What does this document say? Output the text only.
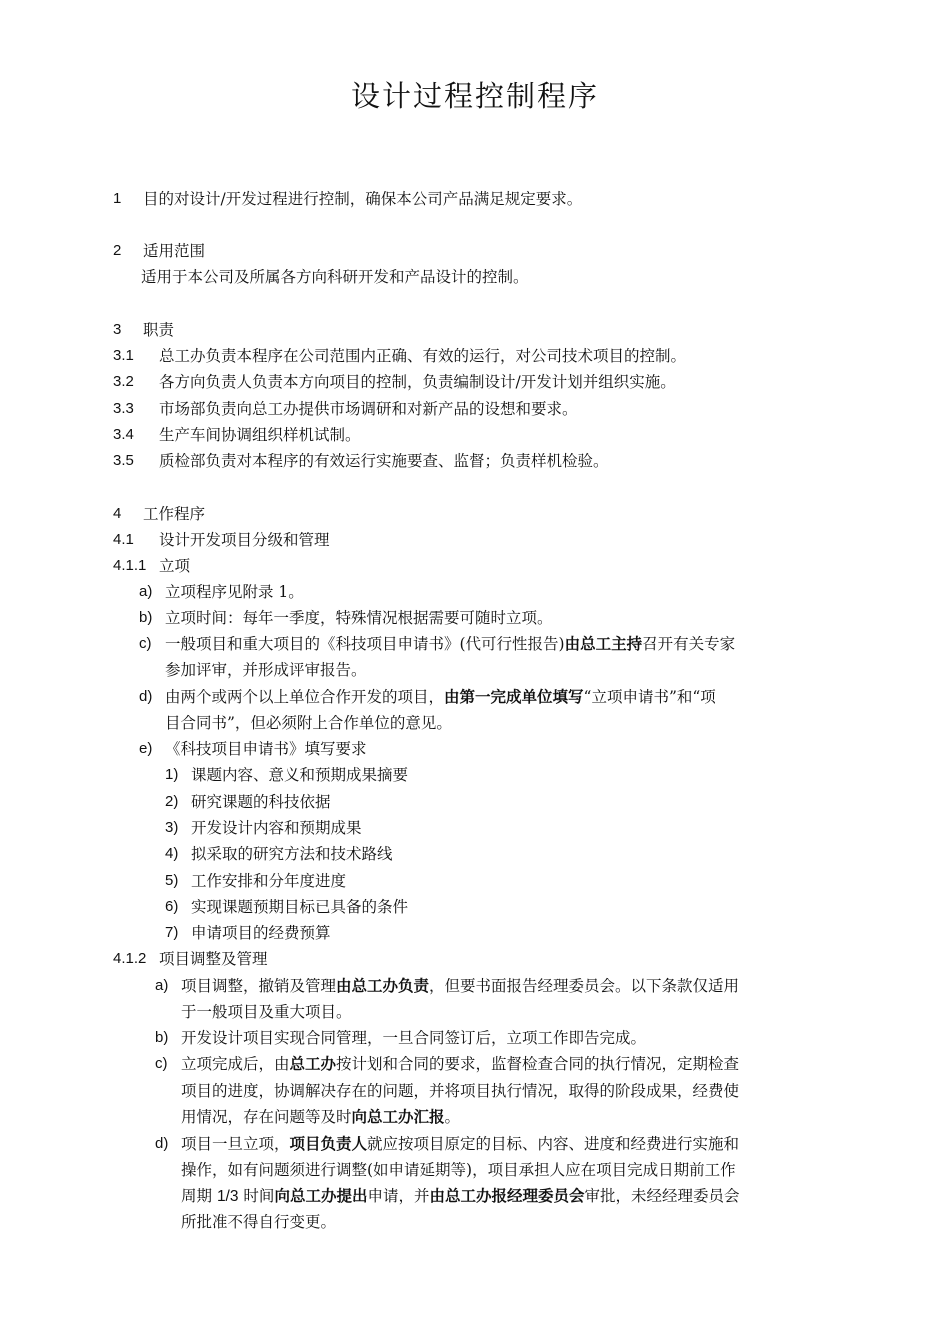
设计过程控制程序
1 目的对设计/开发过程进行控制，确保本公司产品满足规定要求。
2 适用范围
适用于本公司及所属各方向科研开发和产品设计的控制。
3 职责
3.1 总工办负责本程序在公司范围内正确、有效的运行，对公司技术项目的控制。
3.2 各方向负责人负责本方向项目的控制，负责编制设计/开发计划并组织实施。
3.3 市场部负责向总工办提供市场调研和对新产品的设想和要求。
3.4 生产车间协调组织样机试制。
3.5 质检部负责对本程序的有效运行实施要查、监督；负责样机检验。
4 工作程序
4.1 设计开发项目分级和管理
4.1.1 立项
a) 立项程序见附录 1。
b) 立项时间：每年一季度，特殊情况根据需要可随时立项。
c) 一般项目和重大项目的《科技项目申请书》(代可行性报告)由总工主持召开有关专家
参加评审，并形成评审报告。
d) 由两个或两个以上单位合作开发的项目，由第一完成单位填写“立项申请书”和“项
目合同书”，但必须附上合作单位的意见。
e) 《科技项目申请书》填写要求
1) 课题内容、意义和预期成果摘要
2) 研究课题的科技依据
3) 开发设计内容和预期成果
4) 拟采取的研究方法和技术路线
5) 工作安排和分年度进度
6) 实现课题预期目标已具备的条件
7) 申请项目的经费预算
4.1.2 项目调整及管理
a) 项目调整，撤销及管理由总工办负责，但要书面报告经理委员会。以下条款仅适用
于一般项目及重大项目。
b) 开发设计项目实现合同管理，一旦合同签订后，立项工作即告完成。
c) 立项完成后，由总工办按计划和合同的要求，监督检查合同的执行情况，定期检查
项目的进度，协调解决存在的问题，并将项目执行情况，取得的阶段成果，经费使
用情况，存在问题等及时向总工办汇报。
d) 项目一旦立项，项目负责人就应按项目原定的目标、内容、进度和经费进行实施和
操作，如有问题须进行调整(如申请延期等)，项目承担人应在项目完成日期前工作
周期 1/3 时间向总工办提出申请，并由总工办报经理委员会审批，未经经理委员会
所批准不得自行变更。
